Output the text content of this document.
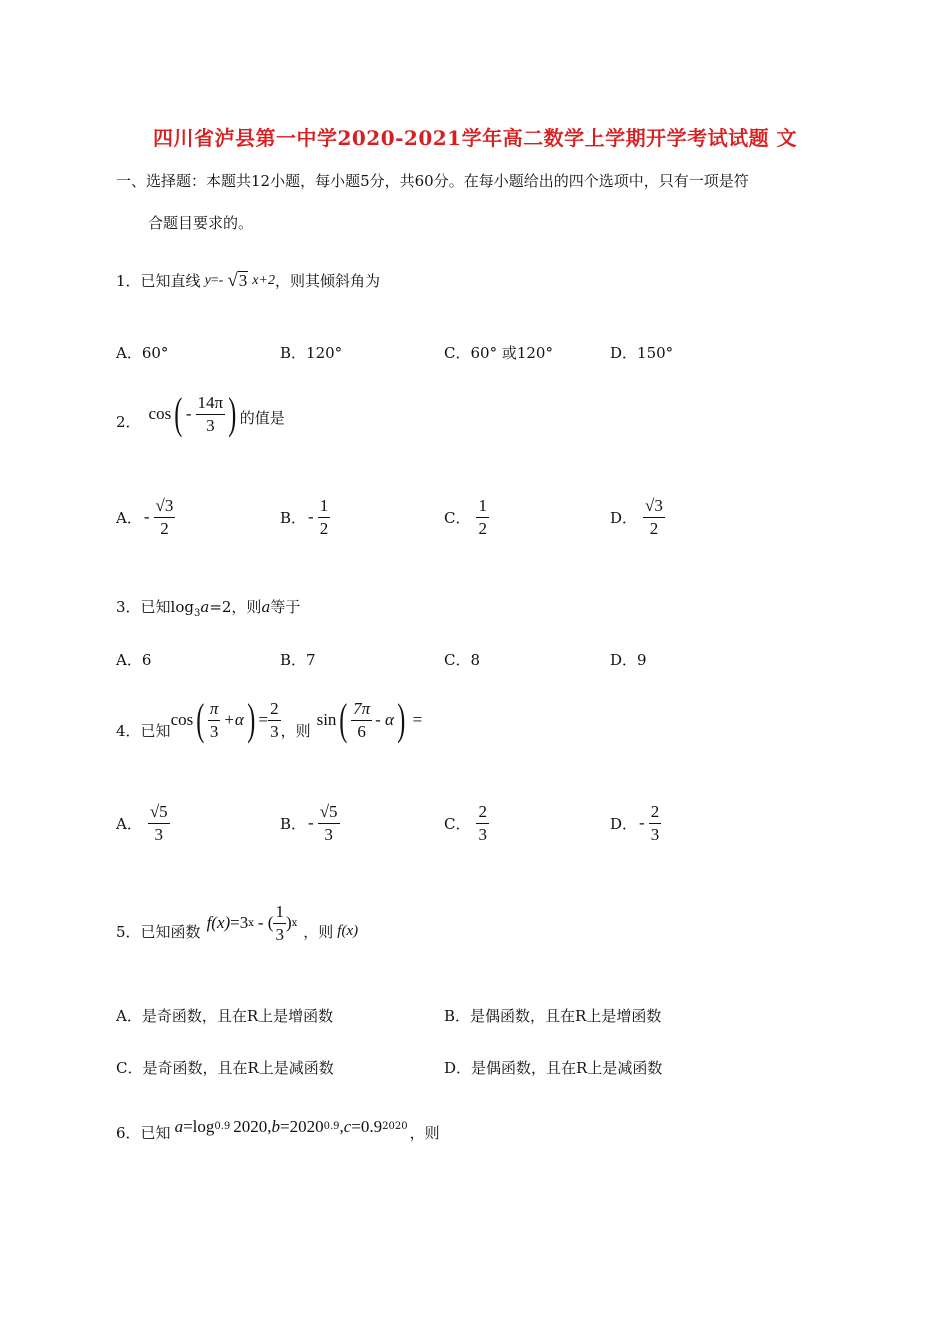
四川省泸县第一中学2020-2021学年高二数学上学期开学考试试题 文
一、选择题：本题共12小题，每小题5分，共60分。在每小题给出的四个选项中，只有一项是符
合题目要求的。
1． 已知直线 y =- √ 3 x+2 ，则其倾斜角为
A．60°	B．120°	C．60° 或120°	D．150°
2． cos ( - $\frac{14\pi}{3}$ ) 的值是
A． - $\frac{√3}{2}$	B． - $\frac{1}{2}$	C． $\frac{1}{2}$	D． $\frac{√3}{2}$
3．已知$\log_3a=2$，则a等于
A．6	B．7	C．8	D．9
4． 已知
cos ( $\frac{\pi}{3} +\alpha$ ) = $\frac{2}{3}$ ，则
sin ( $\frac{7\pi}{6}$ - α ) =
A． $\frac{√5}{3}$	B． - $\frac{√5}{3}$	C． $\frac{2}{3}$	D． - $\frac{2}{3}$
5． 已知函数 f(x) =3 x - ( $\frac{1}{3}$ ) x ，则 f(x)
A．是奇函数，且在R上是增函数	B．是偶函数，且在R上是增函数
C．是奇函数，且在R上是减函数	D．是偶函数，且在R上是减函数
6． 已知 a =log 0.9 2020, b =2020 0.9 , c =0.9 2020 ，则
